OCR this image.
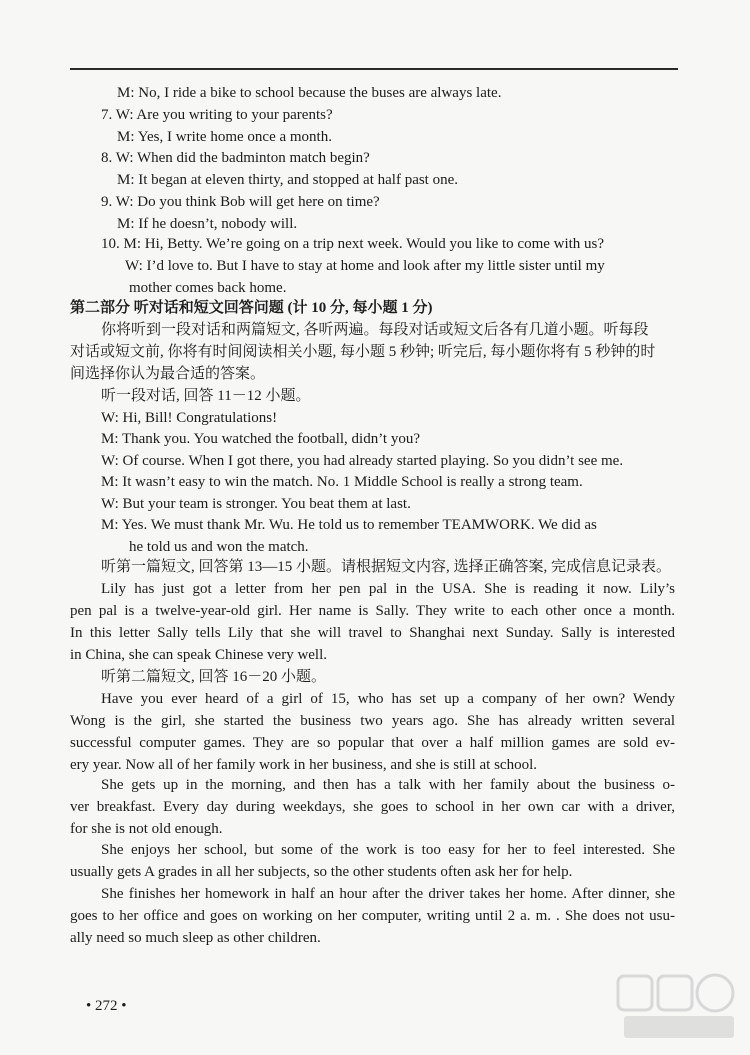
M: No, I ride a bike to school because the buses are always late.
7. W: Are you writing to your parents?
M: Yes, I write home once a month.
8. W: When did the badminton match begin?
M: It began at eleven thirty, and stopped at half past one.
9. W: Do you think Bob will get here on time?
M: If he doesn’t, nobody will.
10. M: Hi, Betty. We’re going on a trip next week. Would you like to come with us?
W: I’d love to. But I have to stay at home and look after my little sister until my
mother comes back home.
第二部分 听对话和短文回答问题 (计 10 分, 每小题 1 分)
你将听到一段对话和两篇短文, 各听两遍。每段对话或短文后各有几道小题。听每段
对话或短文前, 你将有时间阅读相关小题, 每小题 5 秒钟; 听完后, 每小题你将有 5 秒钟的时
间选择你认为最合适的答案。
听一段对话, 回答 11－12 小题。
W: Hi, Bill! Congratulations!
M: Thank you. You watched the football, didn’t you?
W: Of course. When I got there, you had already started playing. So you didn’t see me.
M: It wasn’t easy to win the match. No. 1 Middle School is really a strong team.
W: But your team is stronger. You beat them at last.
M: Yes. We must thank Mr. Wu. He told us to remember TEAMWORK. We did as
he told us and won the match.
听第一篇短文, 回答第 13—15 小题。请根据短文内容, 选择正确答案, 完成信息记录表。
Lily has just got a letter from her pen pal in the USA. She is reading it now. Lily’s
pen pal is a twelve-year-old girl. Her name is Sally. They write to each other once a month.
In this letter Sally tells Lily that she will travel to Shanghai next Sunday. Sally is interested
in China, she can speak Chinese very well.
听第二篇短文, 回答 16－20 小题。
Have you ever heard of a girl of 15, who has set up a company of her own? Wendy
Wong is the girl, she started the business two years ago. She has already written several
successful computer games. They are so popular that over a half million games are sold ev-
ery year. Now all of her family work in her business, and she is still at school.
She gets up in the morning, and then has a talk with her family about the business o-
ver breakfast. Every day during weekdays, she goes to school in her own car with a driver,
for she is not old enough.
She enjoys her school, but some of the work is too easy for her to feel interested. She
usually gets A grades in all her subjects, so the other students often ask her for help.
She finishes her homework in half an hour after the driver takes her home. After dinner, she
goes to her office and goes on working on her computer, writing until 2 a. m. . She does not usu-
ally need so much sleep as other children.
• 272 •
